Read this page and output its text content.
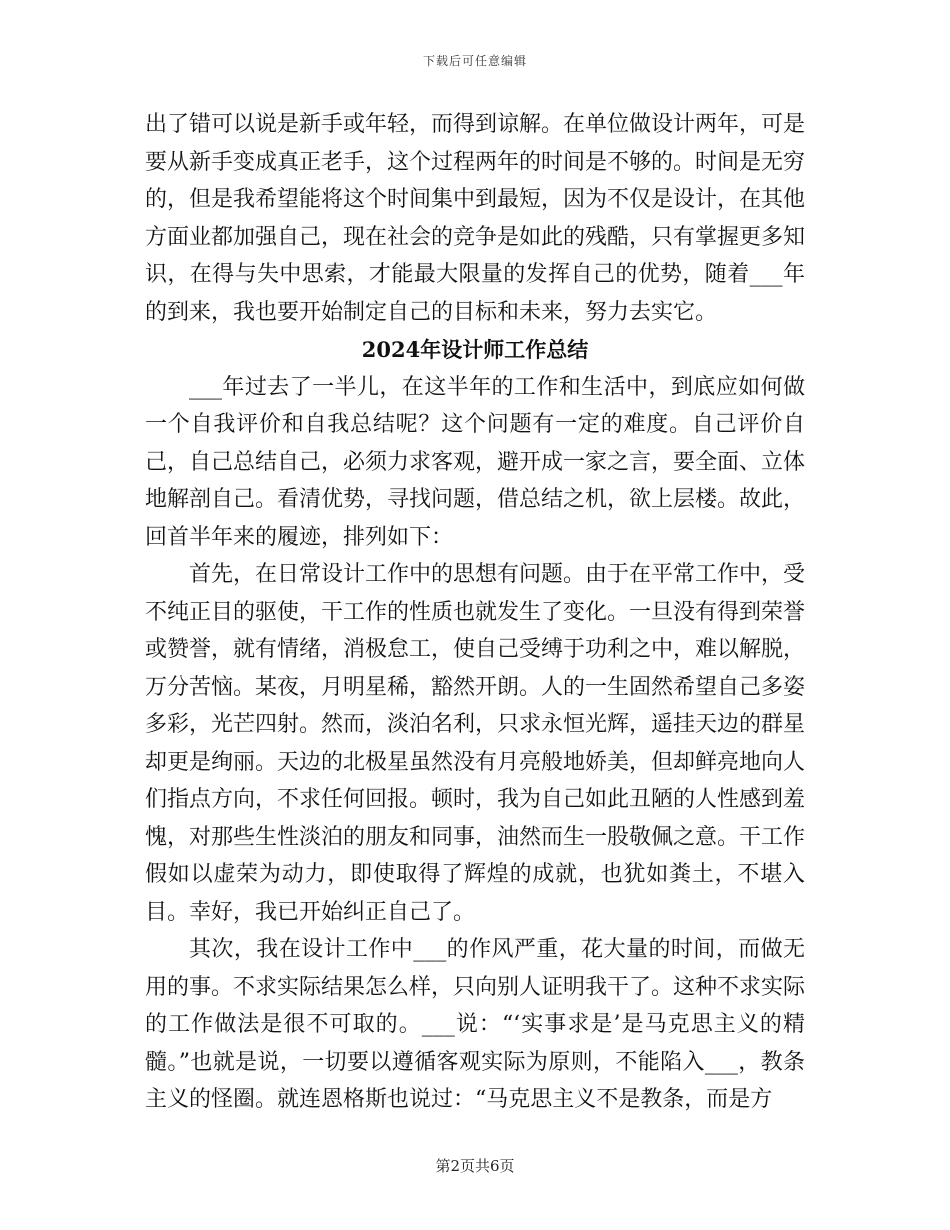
下载后可任意编辑

出了错可以说是新手或年轻，而得到谅解。在单位做设计两年，可是要从新手变成真正老手，这个过程两年的时间是不够的。时间是无穷的，但是我希望能将这个时间集中到最短，因为不仅是设计，在其他方面业都加强自己，现在社会的竞争是如此的残酷，只有掌握更多知识，在得与失中思索，才能最大限量的发挥自己的优势，随着___年的到来，我也要开始制定自己的目标和未来，努力去实它。

2024年设计师工作总结

___年过去了一半儿，在这半年的工作和生活中，到底应如何做一个自我评价和自我总结呢？这个问题有一定的难度。自己评价自己，自己总结自己，必须力求客观，避开成一家之言，要全面、立体地解剖自己。看清优势，寻找问题，借总结之机，欲上层楼。故此，回首半年来的履迹，排列如下：

首先，在日常设计工作中的思想有问题。由于在平常工作中，受不纯正目的驱使，干工作的性质也就发生了变化。一旦没有得到荣誉或赞誉，就有情绪，消极怠工，使自己受缚于功利之中，难以解脱，万分苦恼。某夜，月明星稀，豁然开朗。人的一生固然希望自己多姿多彩，光芒四射。然而，淡泊名利，只求永恒光辉，遥挂天边的群星却更是绚丽。天边的北极星虽然没有月亮般地娇美，但却鲜亮地向人们指点方向，不求任何回报。顿时，我为自己如此丑陋的人性感到羞愧，对那些生性淡泊的朋友和同事，油然而生一股敬佩之意。干工作假如以虚荣为动力，即使取得了辉煌的成就，也犹如粪土，不堪入目。幸好，我已开始纠正自己了。

其次，我在设计工作中___的作风严重，花大量的时间，而做无用的事。不求实际结果怎么样，只向别人证明我干了。这种不求实际的工作做法是很不可取的。___说：“‘实事求是’是马克思主义的精髓。”也就是说，一切要以遵循客观实际为原则，不能陷入___，教条主义的怪圈。就连恩格斯也说过：“马克思主义不是教条，而是方

第2页共6页
